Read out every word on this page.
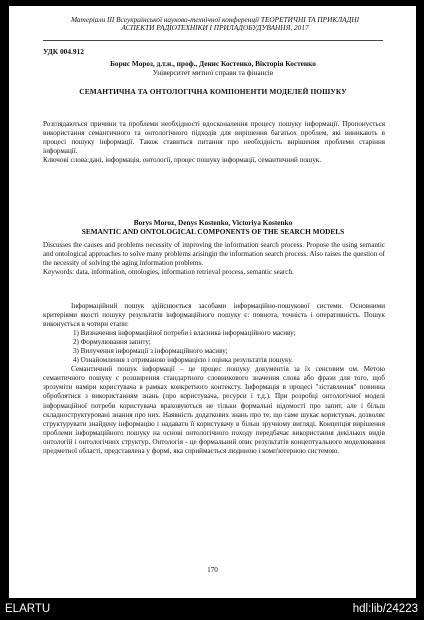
Матеріали ІІІ Всеукраїнської науково-технічної конференції ТЕОРЕТИЧНІ ТА ПРИКЛАДНІ
АСПЕКТИ РАДІОТЕХНІКИ І ПРИЛАДОБУДУВАННЯ, 2017
УДК 004.912
Борис Мороз, д.т.н., проф., Денис Костенко, Вікторія Костенко
Університет митної справи та фінансів
СЕМАНТИЧНА ТА ОНТОЛОГІЧНА КОМПОНЕНТИ МОДЕЛЕЙ ПОШУКУ
Розглядаються причини та проблеми необхідності вдосконалення процесу пошуку інформації. Пропонується використання семантичного та онтологічного підходів для вирішення багатьох проблем, які виникають в процесі пошуку інформації. Також ставиться питання про необхідність вирішення проблеми старіння інформації.
Ключові слова:дані, інформація, онтології, процес пошуку інформації, семантичний пошук.
Borys Moroz, Denys Kostenko, Victoriya Kostenko
SEMANTIC AND ONTOLOGICAL COMPONENTS OF THE SEARCH MODELS
Discusses the causes and problems necessity of improving the information search process. Propose the using semantic and ontological approaches to solve many problems arisingin the information search process. Also raises the question of the necessity of solving the aging information problems.
Keywords: data, information, ontologies, information retrieval process, semantic search.

Інформаційний пошук здійснюється засобами інформаційно-пошукової системи. Основними критеріями якості пошуку результатів інформаційного пошуку є: повнота, точність і оперативність. Пошук виконується в чотири етапи:

1) Визначення інформаційної потреби і власника інформаційного масиву;

2) Формулювання запиту;

3) Вилучення інформації з інформаційного масиву;

4) Ознайомлення з отриманою інформацією і оцінка результатів пошуку.

Семантичний пошук інформації – це процес пошуку документів за їх сенсовим ом. Метою семантичного пошуку є розширення стандартного словникового значення слова або фрази для того, щоб зрозуміти наміри користувача в рамках конкретного контексту. Інформація в процесі "зіставлення" повинна оброблятися з використанням знань (про користувача, ресурси і т.д.). При розробці онтологічної моделі інформаційної потреби користувача враховуються не тільки формальні відомості про запит, але і більш складноструктуровані знання про них. Наявність додаткових знань про те, що саме шукає користувач, дозволяє структурувати знайдену інформацію і надавати її користувачу в більш зручному вигляді. Концепція вирішення проблеми інформаційного пошуку на основі онтологічного походу передбачає використання декількох видів онтологій і онтологічних структур. Онтологія - це формальний опис результатів концептуального моделювання предметної області, представлена у формі, яка сприймається людиною і комп'ютерною системою.

170
ELARTU	hdl:lib/24223
